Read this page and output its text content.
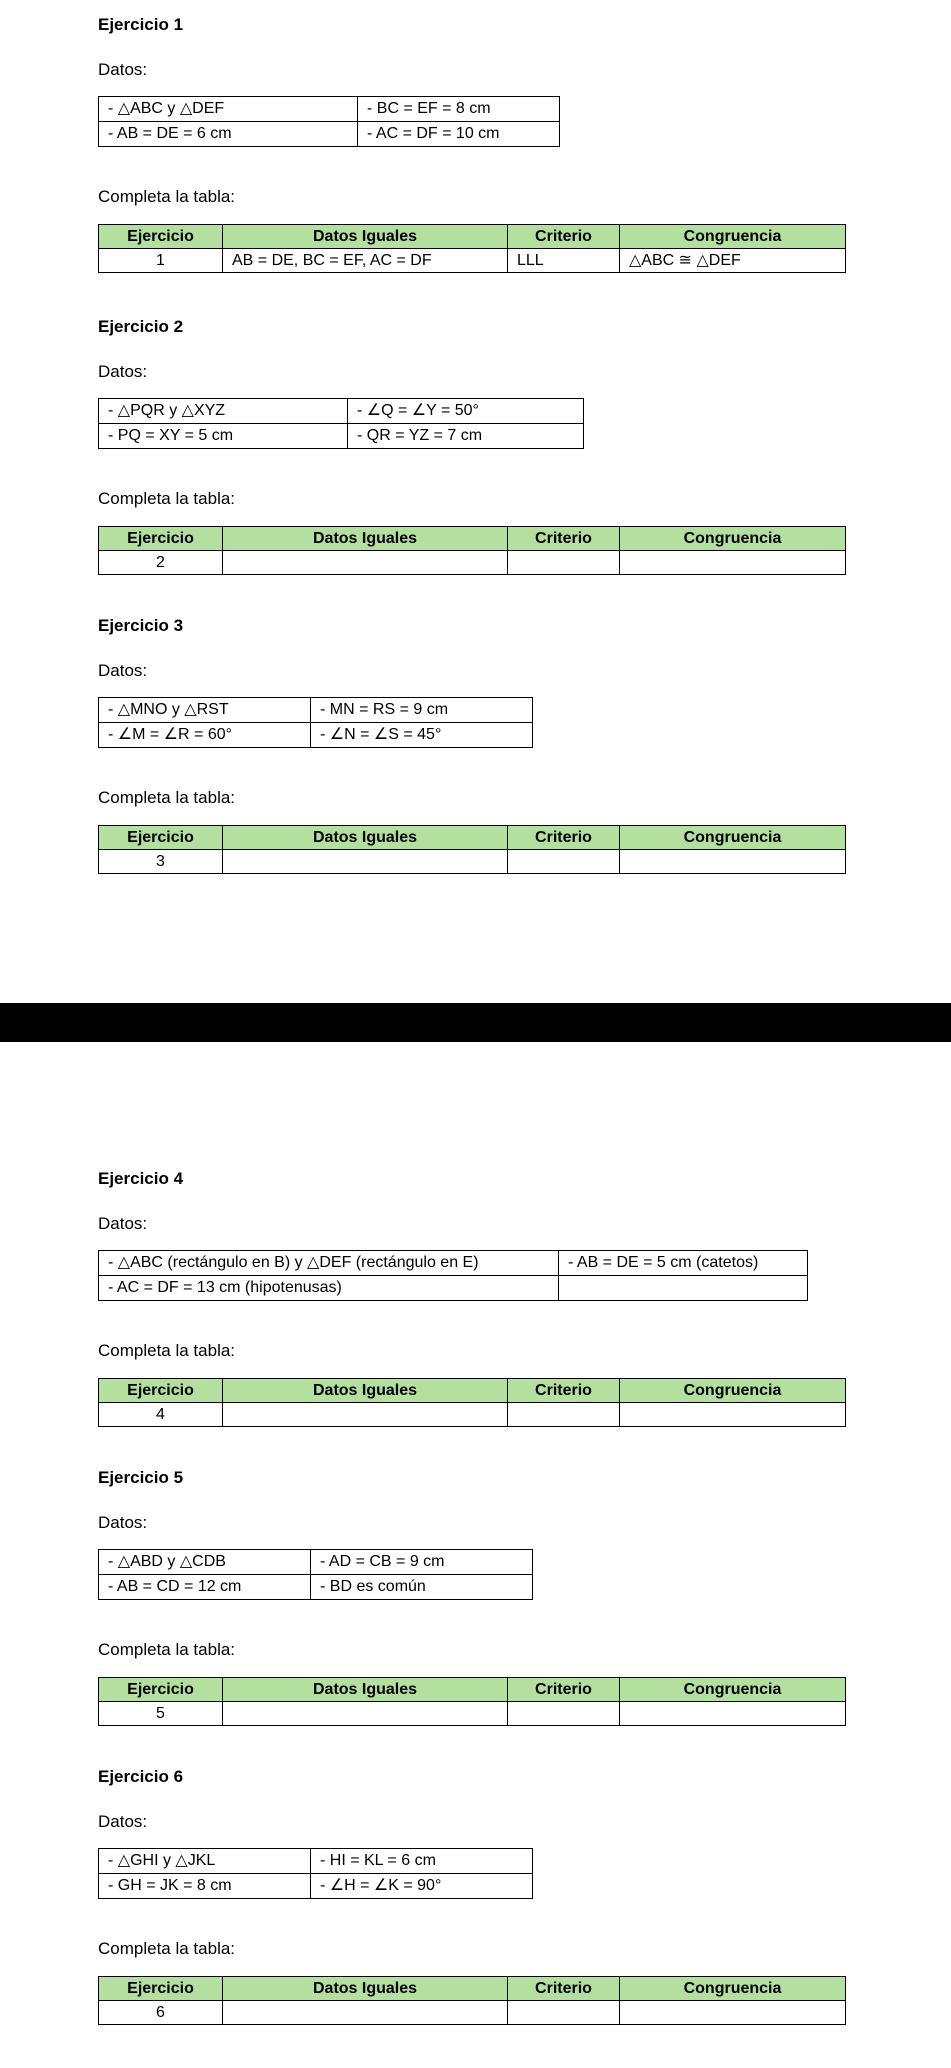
Ejercicio 1
Datos:
- △ABC y △DEF	- BC = EF = 8 cm
- AB = DE = 6 cm	- AC = DF = 10 cm
Completa la tabla:
Ejercicio	Datos Iguales	Criterio	Congruencia
1	AB = DE, BC = EF, AC = DF	LLL	△ABC ≅ △DEF
Ejercicio 2
Datos:
- △PQR y △XYZ	- ∠Q = ∠Y = 50°
- PQ = XY = 5 cm	- QR = YZ = 7 cm
Completa la tabla:
Ejercicio	Datos Iguales	Criterio	Congruencia
2			
Ejercicio 3
Datos:
- △MNO y △RST	- MN = RS = 9 cm
- ∠M = ∠R = 60°	- ∠N = ∠S = 45°
Completa la tabla:
Ejercicio	Datos Iguales	Criterio	Congruencia
3			
Ejercicio 4
Datos:
- △ABC (rectángulo en B) y △DEF (rectángulo en E)	- AB = DE = 5 cm (catetos)
- AC = DF = 13 cm (hipotenusas)	
Completa la tabla:
Ejercicio	Datos Iguales	Criterio	Congruencia
4			
Ejercicio 5
Datos:
- △ABD y △CDB	- AD = CB = 9 cm
- AB = CD = 12 cm	- BD es común
Completa la tabla:
Ejercicio	Datos Iguales	Criterio	Congruencia
5			
Ejercicio 6
Datos:
- △GHI y △JKL	- HI = KL = 6 cm
- GH = JK = 8 cm	- ∠H = ∠K = 90°
Completa la tabla:
Ejercicio	Datos Iguales	Criterio	Congruencia
6			
